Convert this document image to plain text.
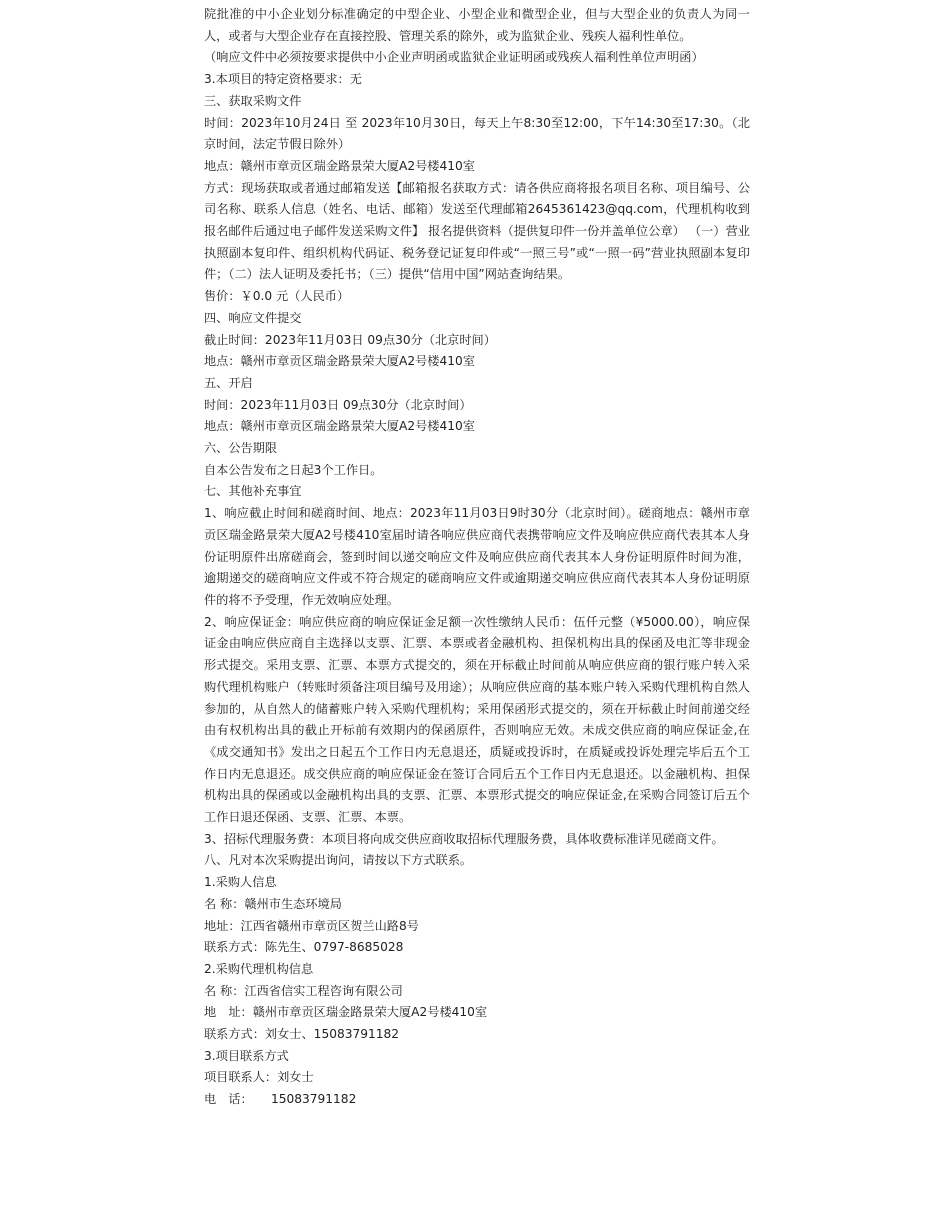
院批准的中小企业划分标准确定的中型企业、小型企业和微型企业，但与大型企业的负责人为同一人，或者与大型企业存在直接控股、管理关系的除外，或为监狱企业、残疾人福利性单位。

（响应文件中必须按要求提供中小企业声明函或监狱企业证明函或残疾人福利性单位声明函）

3.本项目的特定资格要求：无

三、获取采购文件

时间：2023年10月24日 至 2023年10月30日，每天上午8:30至12:00，下午14:30至17:30。（北京时间，法定节假日除外）

地点：赣州市章贡区瑞金路景荣大厦A2号楼410室

方式：现场获取或者通过邮箱发送【邮箱报名获取方式：请各供应商将报名项目名称、项目编号、公司名称、联系人信息（姓名、电话、邮箱）发送至代理邮箱2645361423@qq.com，代理机构收到报名邮件后通过电子邮件发送采购文件】 报名提供资料（提供复印件一份并盖单位公章） （一）营业执照副本复印件、组织机构代码证、税务登记证复印件或“一照三号”或“一照一码”营业执照副本复印件；（二）法人证明及委托书；（三）提供“信用中国”网站查询结果。

售价：￥0.0 元（人民币）

四、响应文件提交

截止时间：2023年11月03日 09点30分（北京时间）

地点：赣州市章贡区瑞金路景荣大厦A2号楼410室

五、开启

时间：2023年11月03日 09点30分（北京时间）

地点：赣州市章贡区瑞金路景荣大厦A2号楼410室

六、公告期限

自本公告发布之日起3个工作日。

七、其他补充事宜

1、响应截止时间和磋商时间、地点：2023年11月03日9时30分（北京时间）。磋商地点：赣州市章贡区瑞金路景荣大厦A2号楼410室届时请各响应供应商代表携带响应文件及响应供应商代表其本人身份证明原件出席磋商会，签到时间以递交响应文件及响应供应商代表其本人身份证明原件时间为准，逾期递交的磋商响应文件或不符合规定的磋商响应文件或逾期递交响应供应商代表其本人身份证明原件的将不予受理，作无效响应处理。

2、响应保证金：响应供应商的响应保证金足额一次性缴纳人民币：伍仟元整（¥5000.00），响应保证金由响应供应商自主选择以支票、汇票、本票或者金融机构、担保机构出具的保函及电汇等非现金形式提交。采用支票、汇票、本票方式提交的，须在开标截止时间前从响应供应商的银行账户转入采购代理机构账户（转账时须备注项目编号及用途）；从响应供应商的基本账户转入采购代理机构自然人参加的，从自然人的储蓄账户转入采购代理机构；采用保函形式提交的，须在开标截止时间前递交经由有权机构出具的截止开标前有效期内的保函原件，否则响应无效。未成交供应商的响应保证金,在《成交通知书》发出之日起五个工作日内无息退还，质疑或投诉时，在质疑或投诉处理完毕后五个工作日内无息退还。成交供应商的响应保证金在签订合同后五个工作日内无息退还。以金融机构、担保机构出具的保函或以金融机构出具的支票、汇票、本票形式提交的响应保证金,在采购合同签订后五个工作日退还保函、支票、汇票、本票。

3、招标代理服务费：本项目将向成交供应商收取招标代理服务费，具体收费标准详见磋商文件。

八、凡对本次采购提出询问，请按以下方式联系。

1.采购人信息

名 称：赣州市生态环境局

地址：江西省赣州市章贡区贺兰山路8号

联系方式：陈先生、0797-8685028

2.采购代理机构信息

名 称：江西省信实工程咨询有限公司

地　址：赣州市章贡区瑞金路景荣大厦A2号楼410室

联系方式：刘女士、15083791182

3.项目联系方式

项目联系人：刘女士

电　话：　　15083791182
